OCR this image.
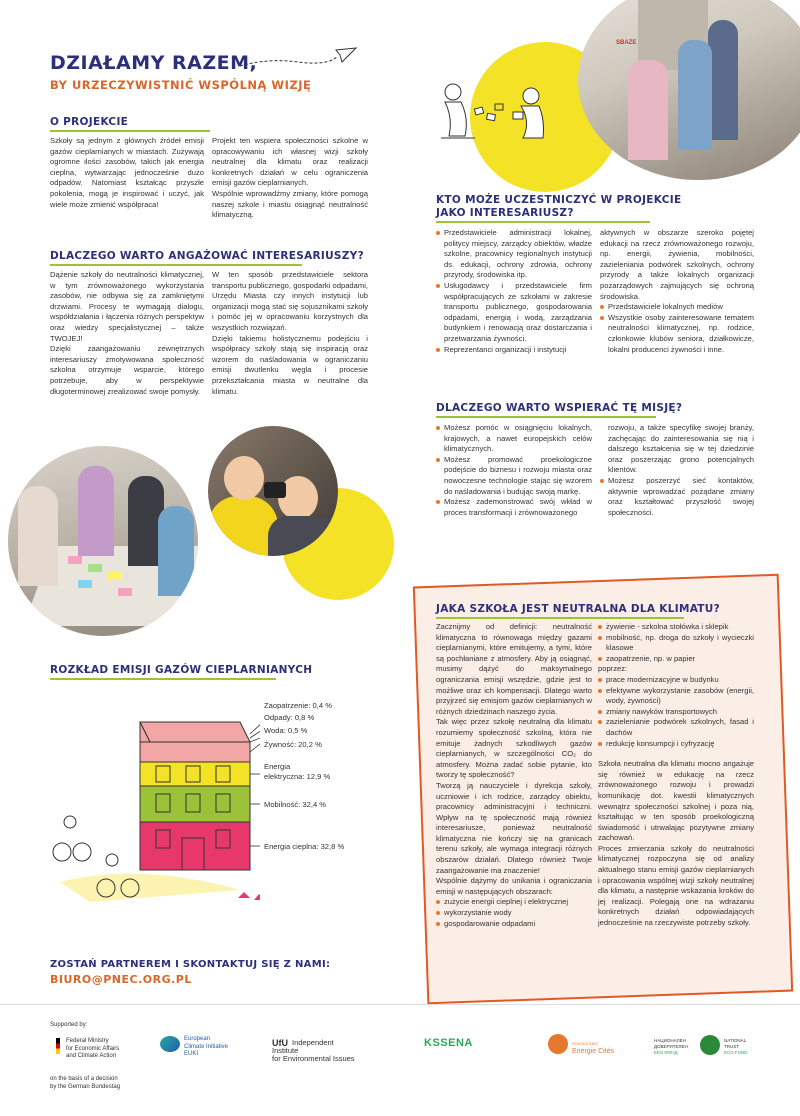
DZIAŁAMY RAZEM,
BY URZECZYWISTNIĆ WSPÓLNĄ WIZJĘ
SBAZE
O PROJEKCIE
Szkoły są jednym z głównych źródeł emisji gazów cieplarnianych w miastach. Zużywają ogromne ilości zasobów, takich jak energia cieplna, wytwarzając jednocześnie dużo odpadów. Natomiast kształcąc przyszłe pokolenia, mogą je inspirować i uczyć, jak wiele może zmienić współpraca!

Projekt ten wspiera społeczności szkolne w opracowywaniu ich własnej wizji szkoły neutralnej dla klimatu oraz realizacji konkretnych działań w celu ograniczenia emisji gazów cieplarnianych.

Wspólnie wprowadźmy zmiany, które pomogą naszej szkole i miastu osiągnąć neutralność klimatyczną.

DLACZEGO WARTO ANGAŻOWAĆ INTERESARIUSZY?

Dążenie szkoły do neutralności klimatycznej, w tym zrównoważonego wykorzystania zasobów, nie odbywa się za zamkniętymi drzwiami. Procesy te wymagają dialogu, współdziałania i łączenia różnych perspektyw oraz wiedzy specjalistycznej – także TWOJEJ!

Dzięki zaangażowaniu zewnętrznych interesariuszy zmotywowana społeczność szkolna otrzymuje wsparcie, którego potrzebuje, aby w perspektywie długoterminowej zrealizować swoje pomysły.

W ten sposób przedstawiciele sektora transportu publicznego, gospodarki odpadami, Urzędu Miasta czy innych instytucji lub organizacji mogą stać się sojusznikami szkoły i pomóc jej w opracowaniu korzystnych dla wszystkich rozwiązań.

Dzięki takiemu holistycznemu podejściu i współpracy szkoły stają się inspiracją oraz wzorem do naśladowania w ograniczaniu emisji dwutlenku węgla i procesie przekształcania miasta w neutralne dla klimatu.

KTO MOŻE UCZESTNICZYĆ W PROJEKCIE
JAKO INTERESARIUSZ?
Przedstawiciele administracji lokalnej, politycy miejscy, zarządcy obiektów, władze szkolne, pracownicy regionalnych instytucji ds. edukacji, ochrony zdrowia, ochrony przyrody, środowiska itp.
Usługodawcy i przedstawiciele firm współpracujących ze szkołami w zakresie transportu publicznego, gospodarowania odpadami, energią i wodą, zarządzania budynkiem i renowacją oraz dostarczania i przetwarzania żywności.
Reprezentanci organizacji i instytucji
aktywnych w obszarze szeroko pojętej edukacji na rzecz zrównoważonego rozwoju, np. energii, żywienia, mobilności, zazieleniania podwórek szkolnych, ochrony przyrody a także lokalnych organizacji pozarządowych zajmujących się ochroną środowiska.
Przedstawiciele lokalnych mediów
Wszystkie osoby zainteresowane tematem neutralności klimatycznej, np. rodzice, członkowie klubów seniora, działkowicze, lokalni producenci żywności i inne.
DLACZEGO WARTO WSPIERAĆ TĘ MISJĘ?
Możesz pomóc w osiągnięciu lokalnych, krajowych, a nawet europejskich celów klimatycznych.
Możesz promować proekologiczne podejście do biznesu i rozwoju miasta oraz nowoczesne technologie stając się wzorem do naśladowania i budując swoją markę.
Możesz zademonstrować swój wkład w proces transformacji i zrównoważonego
rozwoju, a także specyfikę swojej branży, zachęcając do zainteresowania się nią i dalszego kształcenia się w tej dziedzinie oraz poszerzając grono potencjalnych klientów.
Możesz poszerzyć sieć kontaktów, aktywnie wprowadzać pożądane zmiany oraz kształtować przyszłość swojej społeczności.
JAKA SZKOŁA JEST NEUTRALNA DLA KLIMATU?

Zacznijmy od definicji: neutralność klimatyczna to równowaga między gazami cieplarnianymi, które emitujemy, a tymi, które są pochłaniane z atmosfery. Aby ją osiągnąć, musimy dążyć do maksymalnego ograniczania emisji wszędzie, gdzie jest to możliwe oraz ich kompensacji. Dlatego warto przyjrzeć się emisjom gazów cieplarnianych w różnych dziedzinach naszego życia.

Tak więc przez szkołę neutralną dla klimatu rozumiemy społeczność szkolną, która nie emituje żadnych szkodliwych gazów cieplarnianych, w szczególności CO₂ do atmosfery. Można zadać sobie pytanie, kto tworzy tę społeczność?

Tworzą ją nauczyciele i dyrekcja szkoły, uczniowie i ich rodzice, zarządcy obiektu, pracownicy administracyjni i techniczni. Wpływ na tę społeczność mają również interesariusze, ponieważ neutralność klimatyczna nie kończy się na granicach terenu szkoły, ale wymaga integracji różnych obszarów działań. Dlatego również Twoje zaangażowanie ma znaczenie!

Wspólnie dążymy do unikania i ograniczania emisji w następujących obszarach:

zużycie energii cieplnej i elektrycznej
wykorzystanie wody
gospodarowanie odpadami
żywienie - szkolna stołówka i sklepik
mobilność, np. droga do szkoły i wycieczki klasowe
zaopatrzenie, np. w papier
poprzez:
prace modernizacyjne w budynku
efektywne wykorzystanie zasobów (energii, wody, żywności)
zmiany nawyków transportowych
zazielenianie podwórek szkolnych, fasad i dachów
redukcję konsumpcji i cyfryzację
Szkoła neutralna dla klimatu mocno angażuje się również w edukację na rzecz zrównoważonego rozwoju i prowadzi komunikację dot. kwestii klimatycznych wewnątrz społeczności szkolnej i poza nią, kształtując w ten sposób proekologiczną świadomość i utrwalając pozytywne zmiany zachowań.
Proces zmierzania szkoły do neutralności klimatycznej rozpoczyna się od analizy aktualnego stanu emisji gazów cieplarnianych i opracowania wspólnej wizji szkoły neutralnej dla klimatu, a następnie wskazania kroków do jej realizacji. Polegają one na wdrażaniu konkretnych działań odpowiadających jednocześnie na rzeczywiste potrzeby szkoły.
ROZKŁAD EMISJI GAZÓW CIEPLARNIANYCH
Zaopatrzenie: 0,4 %
Odpady: 0,8 %
Woda: 0,5 %
Żywność: 20,2 %
Energia
elektryczna: 12,9 %
Mobilność: 32,4 %
Energia cieplna: 32,8 %
ZOSTAŃ PARTNEREM I SKONTAKTUJ SIĘ Z NAMI:
BIURO@PNEC.ORG.PL
Supported by:
Federal Ministry
for Economic Affairs
and Climate Action
on the basis of a decision
by the German Bundestag
European
Climate Initiative
EUKI
UfU Independent Institute
for Environmental Issues
KSSENA	POLSKA SIEĆ
Energie Cités
НАЦИОНАЛЕН
ДОВЕРИТЕЛЕН
ЕКО ФОНД
NATIONAL
TRUST
ECO FUND
